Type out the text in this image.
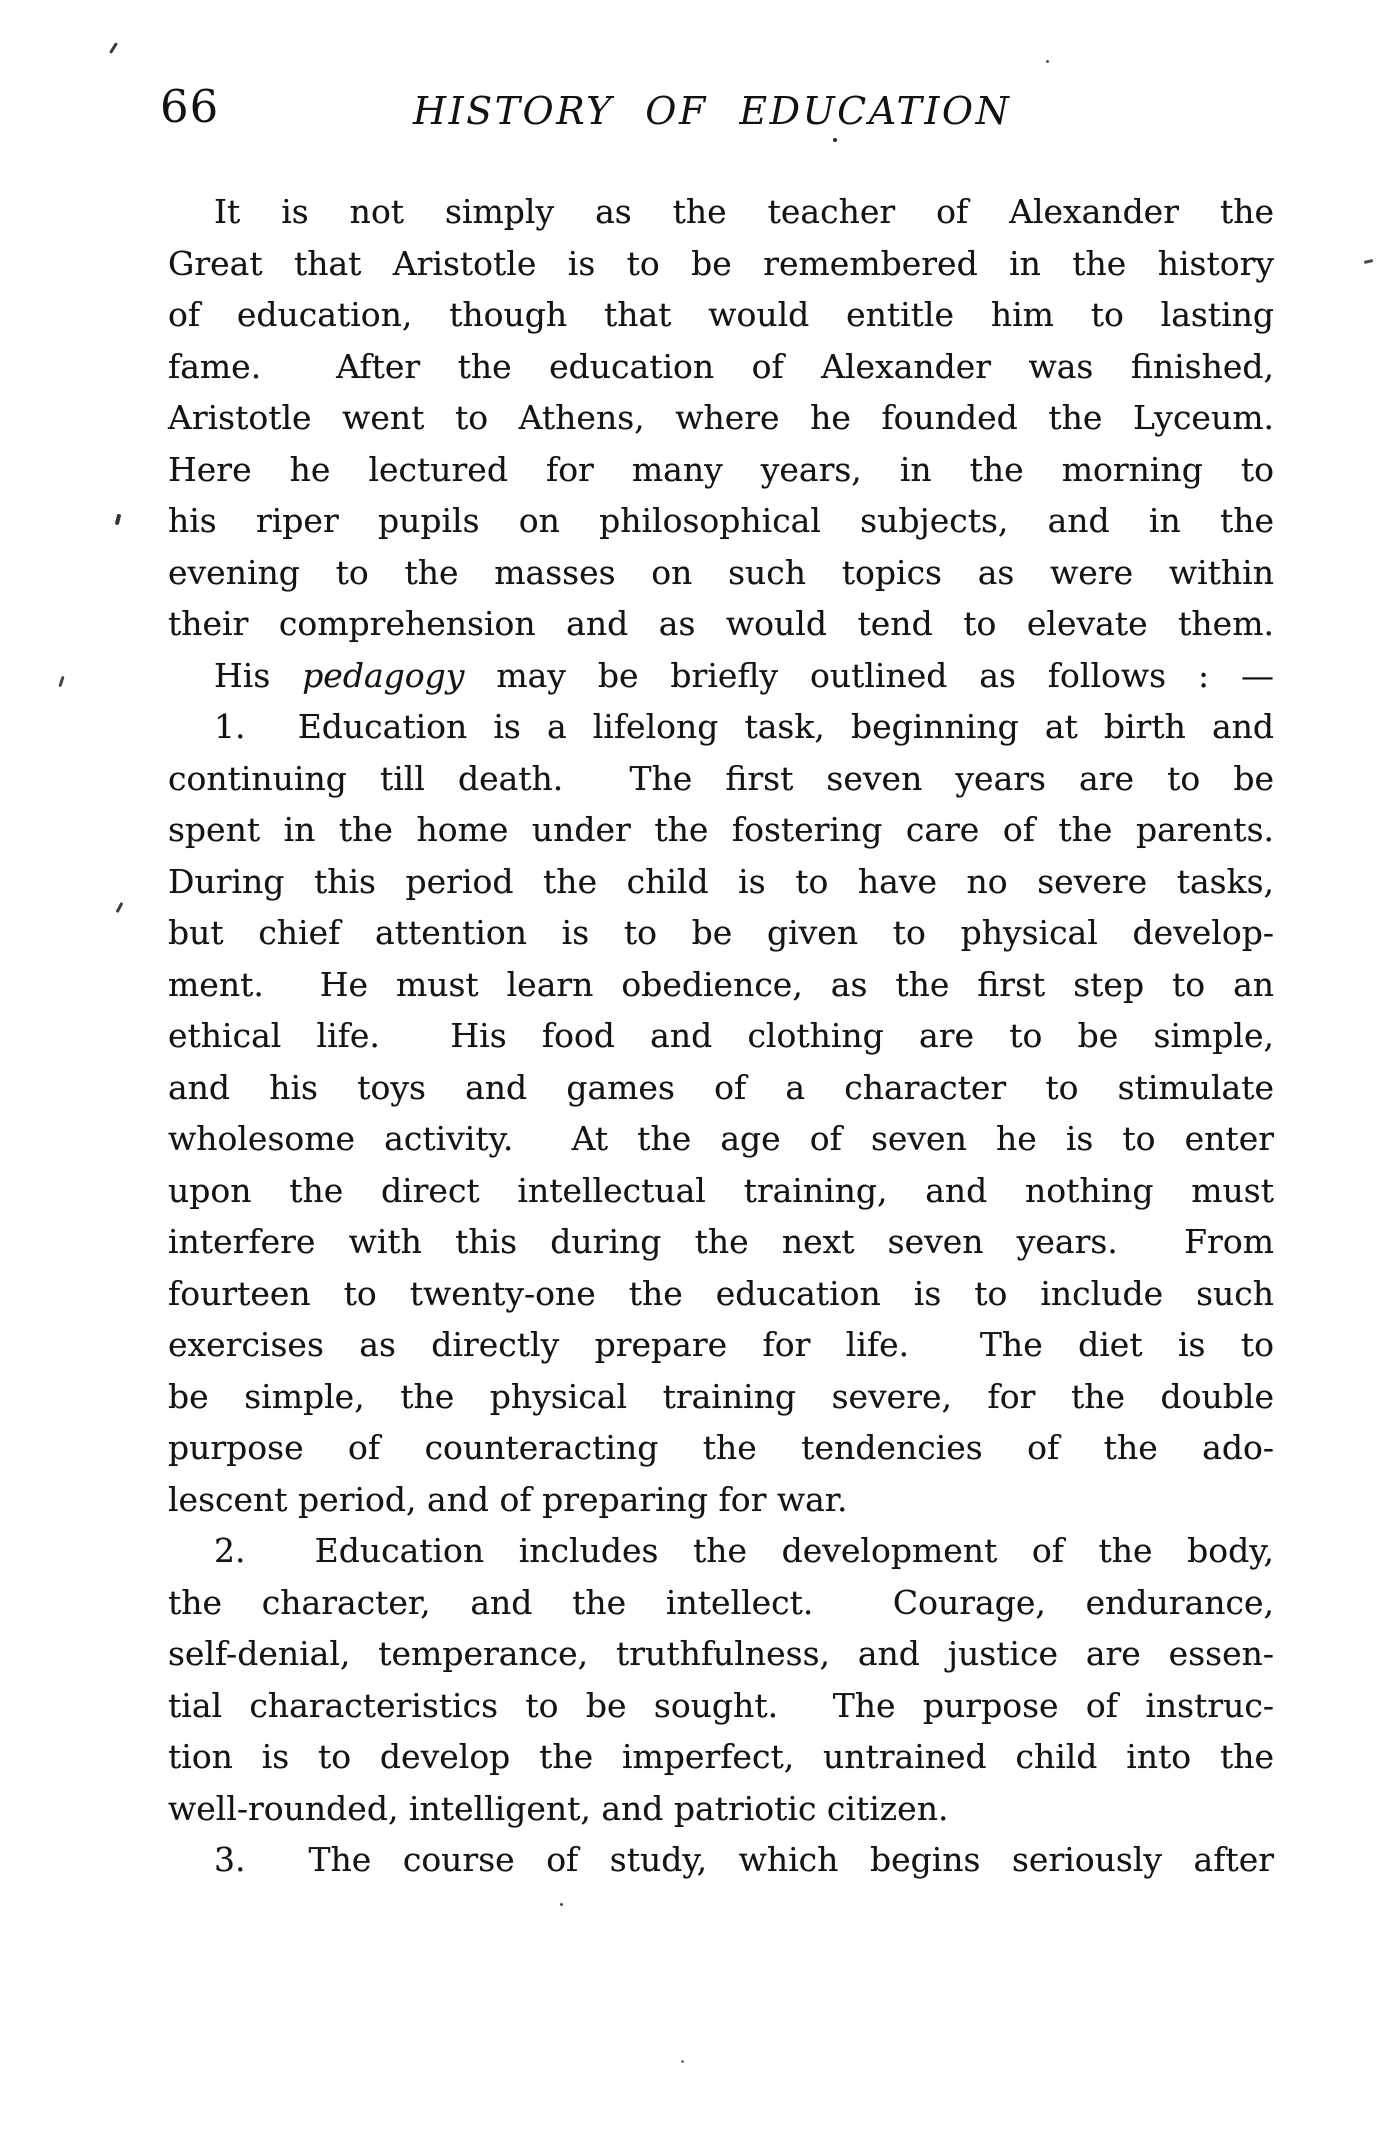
66	HISTORY OF EDUCATION
It is not simply as the teacher of Alexander the
Great that Aristotle is to be remembered in the history
of education, though that would entitle him to lasting
fame.  After the education of Alexander was finished,
Aristotle went to Athens, where he founded the Lyceum.
Here he lectured for many years, in the morning to
his riper pupils on philosophical subjects, and in the
evening to the masses on such topics as were within
their comprehension and as would tend to elevate them.
His pedagogy may be briefly outlined as follows : —
1.  Education is a lifelong task, beginning at birth and
continuing till death.  The first seven years are to be
spent in the home under the fostering care of the parents.
During this period the child is to have no severe tasks,
but chief attention is to be given to physical develop-
ment.  He must learn obedience, as the first step to an
ethical life.  His food and clothing are to be simple,
and his toys and games of a character to stimulate
wholesome activity.  At the age of seven he is to enter
upon the direct intellectual training, and nothing must
interfere with this during the next seven years.  From
fourteen to twenty-one the education is to include such
exercises as directly prepare for life.  The diet is to
be simple, the physical training severe, for the double
purpose of counteracting the tendencies of the ado-
lescent period, and of preparing for war.
2.  Education includes the development of the body,
the character, and the intellect.  Courage, endurance,
self-denial, temperance, truthfulness, and justice are essen-
tial characteristics to be sought.  The purpose of instruc-
tion is to develop the imperfect, untrained child into the
well-rounded, intelligent, and patriotic citizen.
3.  The course of study, which begins seriously after
